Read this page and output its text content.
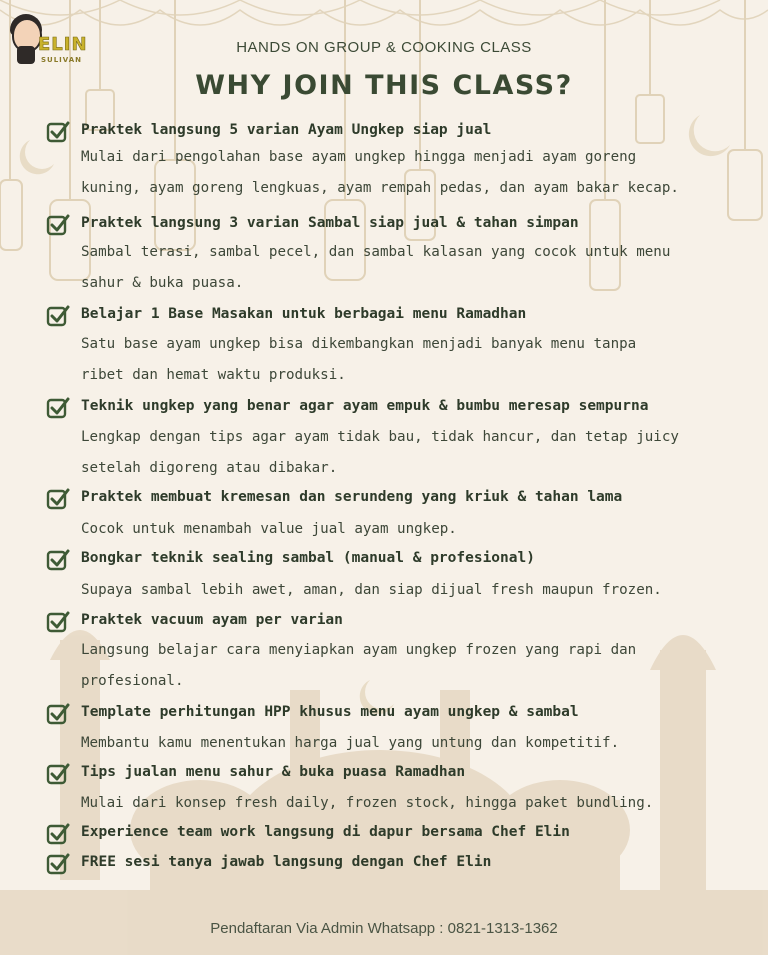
ELIN
SULIVAN
HANDS ON GROUP & COOKING CLASS
WHY JOIN THIS CLASS?
Praktek langsung 5 varian Ayam Ungkep siap jual
Mulai dari pengolahan base ayam ungkep hingga menjadi ayam goreng
kuning, ayam goreng lengkuas, ayam rempah pedas, dan ayam bakar kecap.
Praktek langsung 3 varian Sambal siap jual & tahan simpan
Sambal terasi, sambal pecel, dan sambal kalasan yang cocok untuk menu
sahur & buka puasa.
Belajar 1 Base Masakan untuk berbagai menu Ramadhan
Satu base ayam ungkep bisa dikembangkan menjadi banyak menu tanpa
ribet dan hemat waktu produksi.
Teknik ungkep yang benar agar ayam empuk & bumbu meresap sempurna
Lengkap dengan tips agar ayam tidak bau, tidak hancur, dan tetap juicy
setelah digoreng atau dibakar.
Praktek membuat kremesan dan serundeng yang kriuk & tahan lama
Cocok untuk menambah value jual ayam ungkep.
Bongkar teknik sealing sambal (manual & profesional)
Supaya sambal lebih awet, aman, dan siap dijual fresh maupun frozen.
Praktek vacuum ayam per varian
Langsung belajar cara menyiapkan ayam ungkep frozen yang rapi dan
profesional.
Template perhitungan HPP khusus menu ayam ungkep & sambal
Membantu kamu menentukan harga jual yang untung dan kompetitif.
Tips jualan menu sahur & buka puasa Ramadhan
Mulai dari konsep fresh daily, frozen stock, hingga paket bundling.
Experience team work langsung di dapur bersama Chef Elin
FREE sesi tanya jawab langsung dengan Chef Elin
Pendaftaran Via Admin Whatsapp : 0821-1313-1362
